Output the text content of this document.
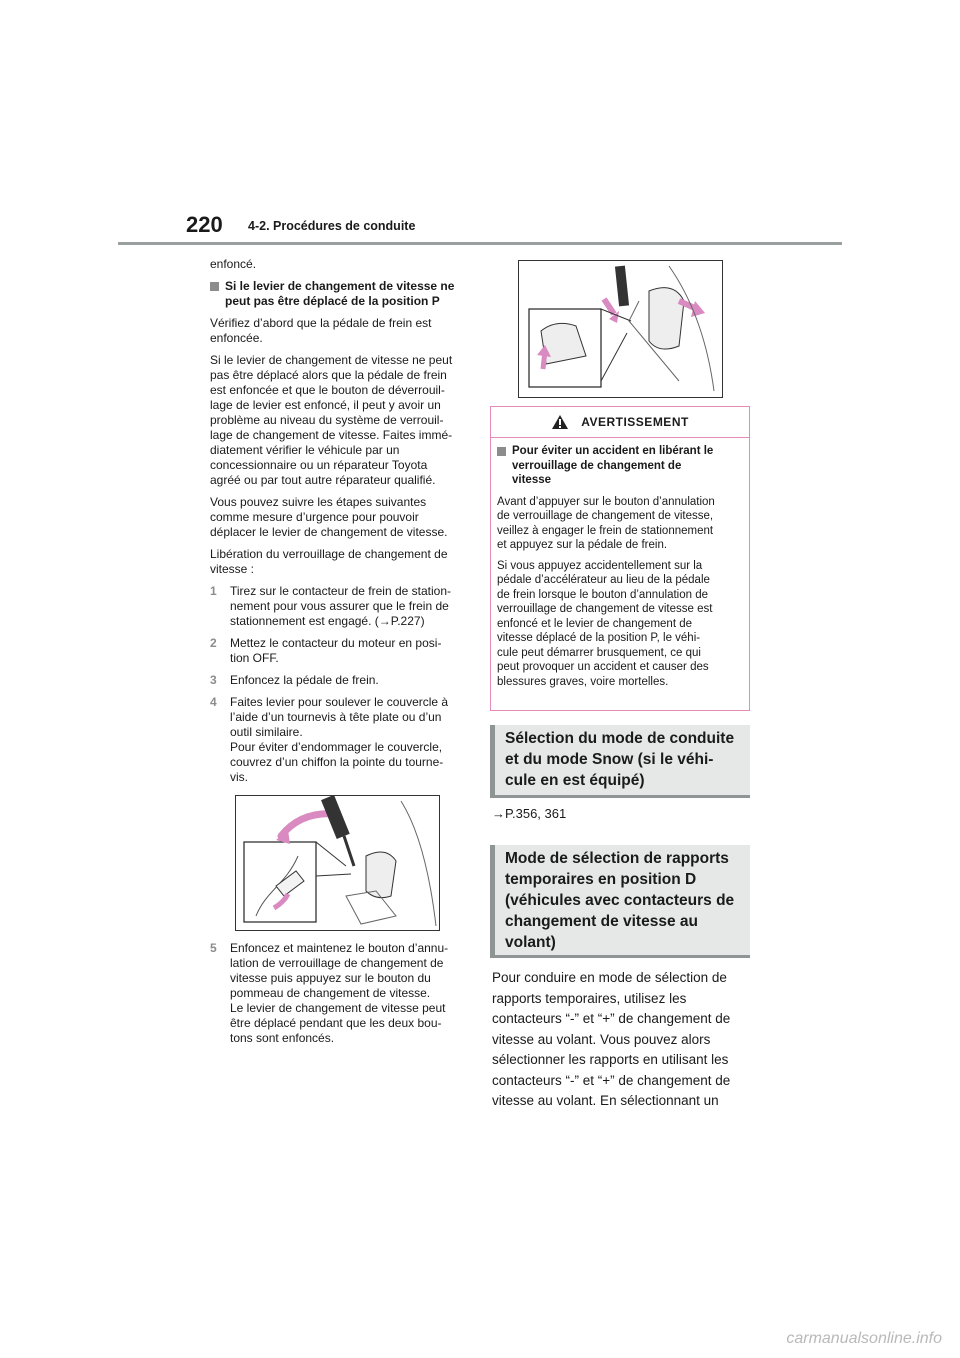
220 4-2. Procédures de conduite

enfoncé.

Si le levier de changement de vitesse ne
peut pas être déplacé de la position P

Vérifiez d’abord que la pédale de frein est
enfoncée.

Si le levier de changement de vitesse ne peut
pas être déplacé alors que la pédale de frein
est enfoncée et que le bouton de déverrouil-
lage de levier est enfoncé, il peut y avoir un
problème au niveau du système de verrouil-
lage de changement de vitesse. Faites immé-
diatement vérifier le véhicule par un
concessionnaire ou un réparateur Toyota
agréé ou par tout autre réparateur qualifié.

Vous pouvez suivre les étapes suivantes
comme mesure d’urgence pour pouvoir
déplacer le levier de changement de vitesse.

Libération du verrouillage de changement de
vitesse :

1	Tirez sur le contacteur de frein de station-
nement pour vous assurer que le frein de
stationnement est engagé. (→P.227)
2	Mettez le contacteur du moteur en posi-
tion OFF.
3	Enfoncez la pédale de frein.
4	Faites levier pour soulever le couvercle à
l’aide d’un tournevis à tête plate ou d’un
outil similaire.
Pour éviter d’endommager le couvercle,
couvrez d’un chiffon la pointe du tourne-
vis.
5	Enfoncez et maintenez le bouton d’annu-
lation de verrouillage de changement de
vitesse puis appuyez sur le bouton du
pommeau de changement de vitesse.
Le levier de changement de vitesse peut
être déplacé pendant que les deux bou-
tons sont enfoncés.
AVERTISSEMENT
Pour éviter un accident en libérant le
verrouillage de changement de
vitesse

Avant d’appuyer sur le bouton d’annulation
de verrouillage de changement de vitesse,
veillez à engager le frein de stationnement
et appuyez sur la pédale de frein.

Si vous appuyez accidentellement sur la
pédale d’accélérateur au lieu de la pédale
de frein lorsque le bouton d’annulation de
verrouillage de changement de vitesse est
enfoncé et le levier de changement de
vitesse déplacé de la position P, le véhi-
cule peut démarrer brusquement, ce qui
peut provoquer un accident et causer des
blessures graves, voire mortelles.

Sélection du mode de conduite
et du mode Snow (si le véhi-
cule en est équipé)
→P.356, 361
Mode de sélection de rapports
temporaires en position D
(véhicules avec contacteurs de
changement de vitesse au
volant)
Pour conduire en mode de sélection de
rapports temporaires, utilisez les
contacteurs “-” et “+” de changement de
vitesse au volant. Vous pouvez alors
sélectionner les rapports en utilisant les
contacteurs “-” et “+” de changement de
vitesse au volant. En sélectionnant un
carmanualsonline.info
